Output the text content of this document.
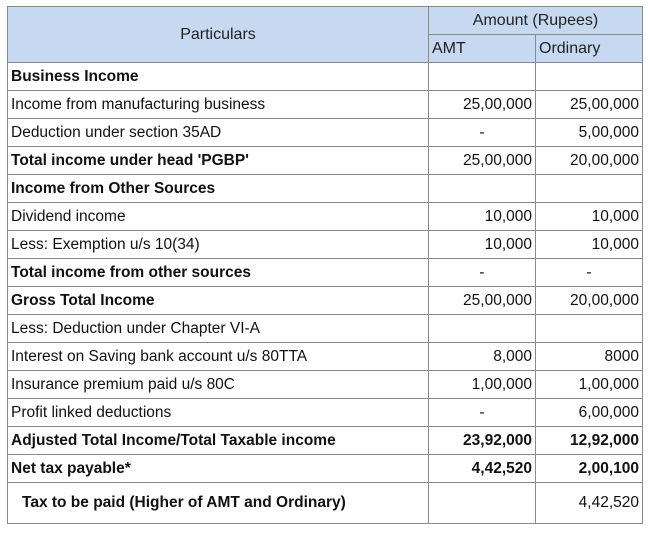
Particulars	Amount (Rupees)	
	AMT	Ordinary
Business Income		
Income from manufacturing business	25,00,000	25,00,000
Deduction under section 35AD	-	5,00,000
Total income under head 'PGBP'	25,00,000	20,00,000
Income from Other Sources		
Dividend income	10,000	10,000
Less: Exemption u/s 10(34)	10,000	10,000
Total income from other sources	-	-
Gross Total Income	25,00,000	20,00,000
Less: Deduction under Chapter VI-A		
Interest on Saving bank account u/s 80TTA	8,000	8000
Insurance premium paid u/s 80C	1,00,000	1,00,000
Profit linked deductions	-	6,00,000
Adjusted Total Income/Total Taxable income	23,92,000	12,92,000
Net tax payable*	4,42,520	2,00,100
Tax to be paid (Higher of AMT and Ordinary)		4,42,520
